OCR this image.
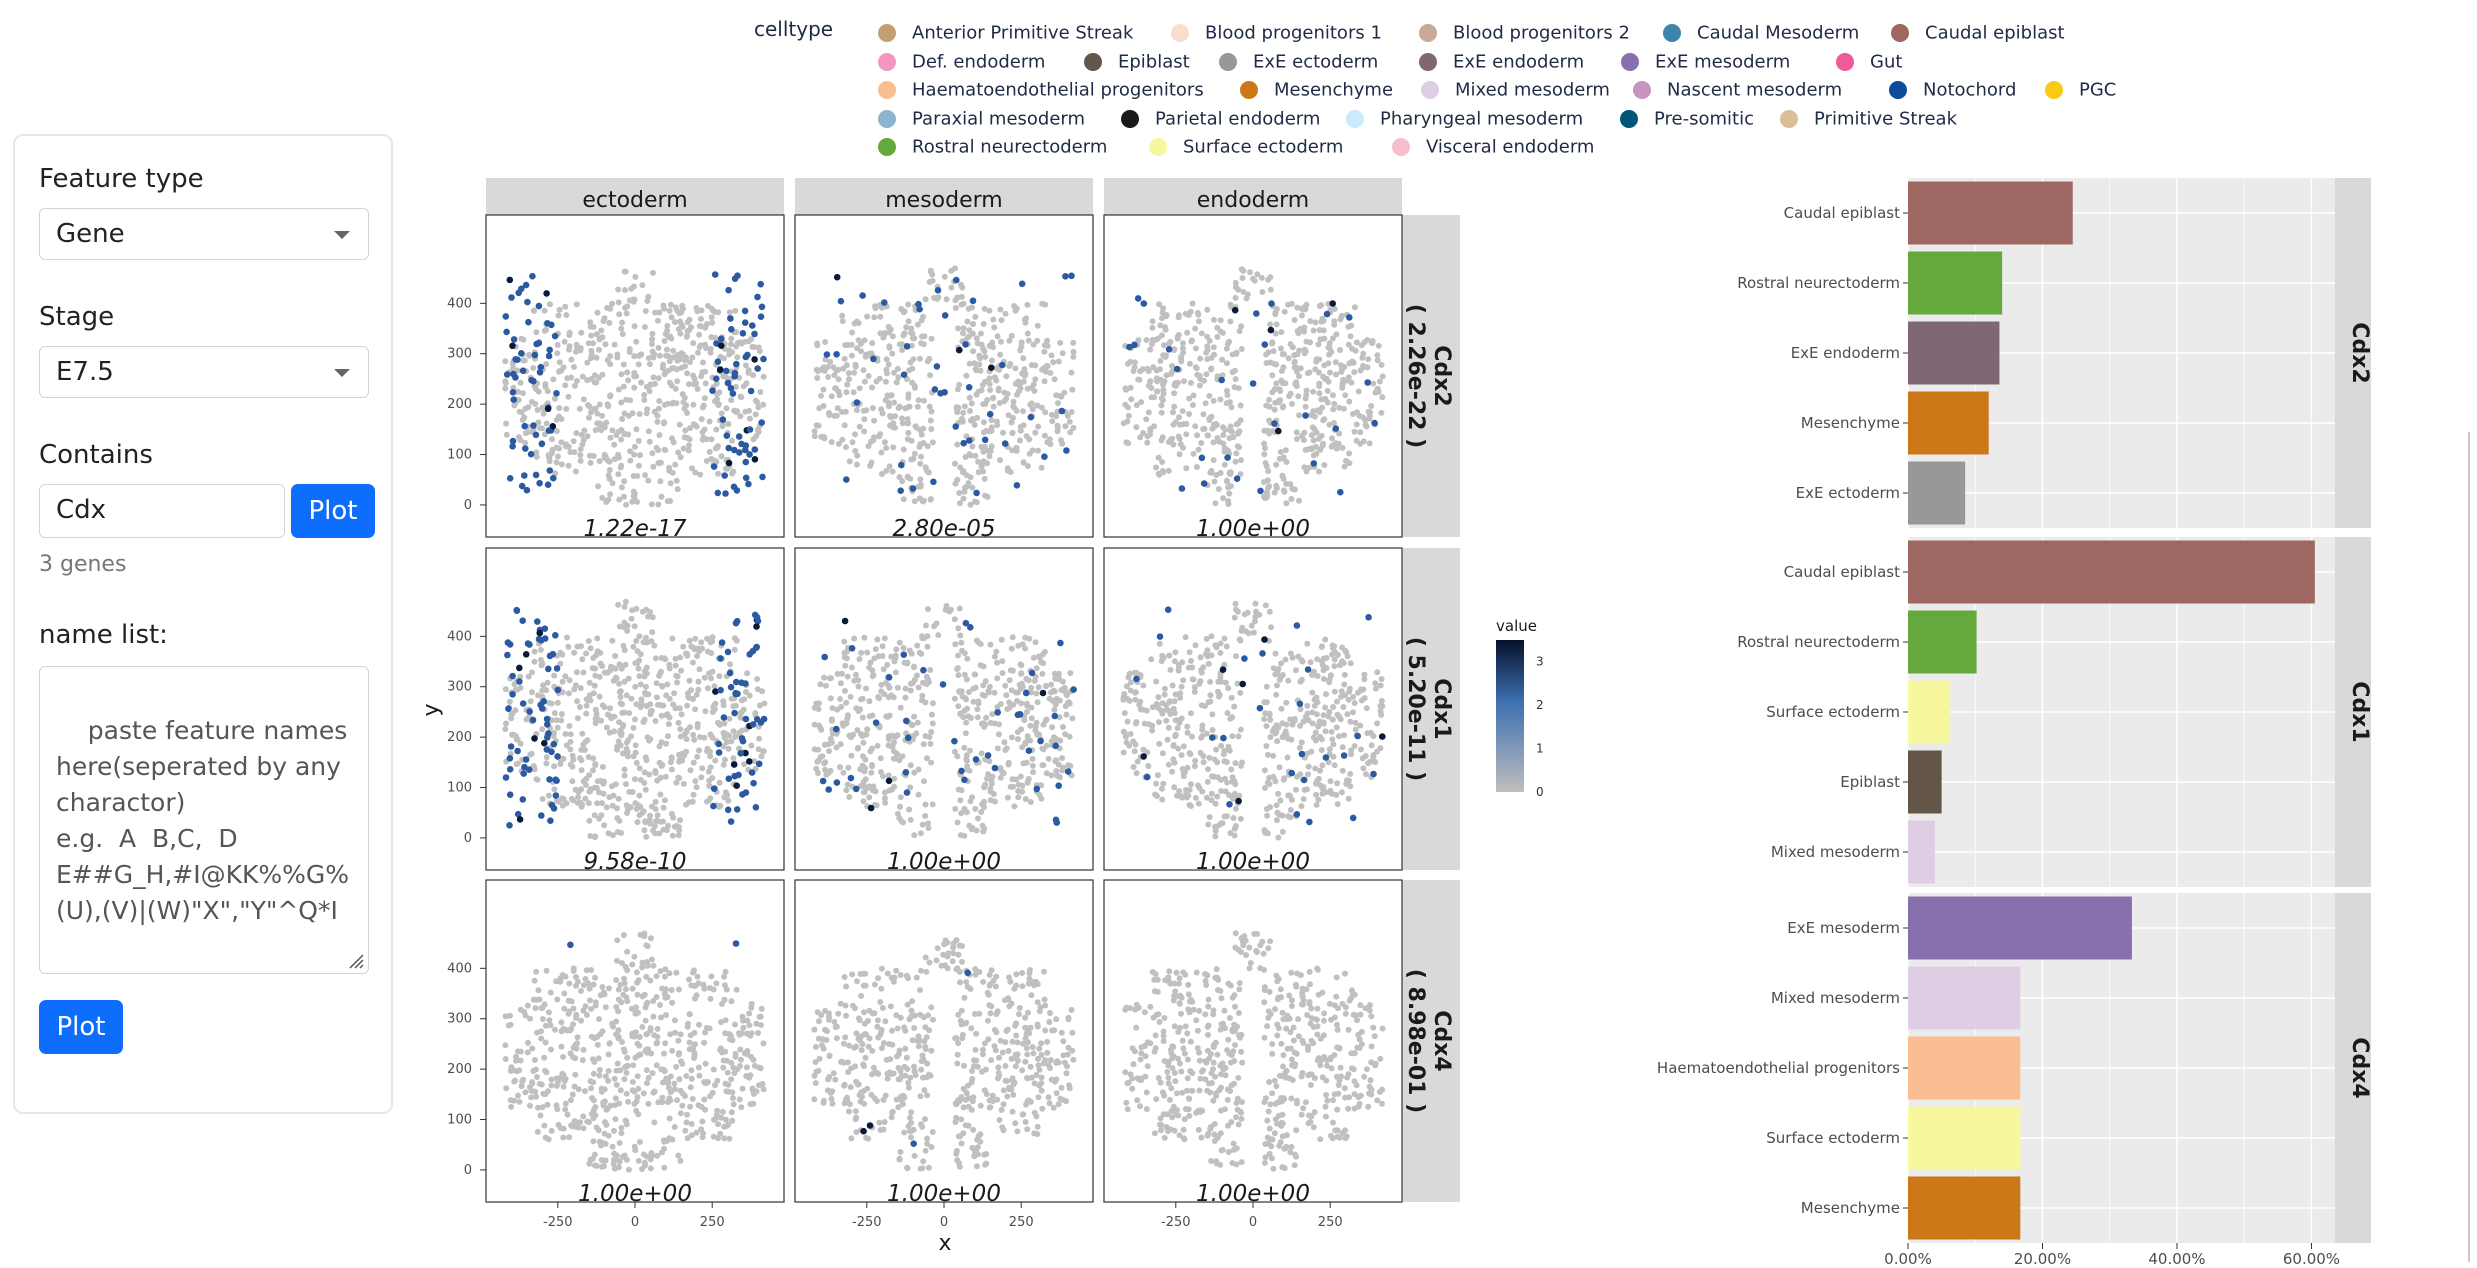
Feature type
Gene
Stage
E7.5
Contains
Cdx	Plot
3 genes
name list:

paste feature names here(seperated by any charactor)
e.g.  A  B,C,  D  E##G_H,#I@KK%%G%(U),(V)|(W)"X","Y"^Q*I

Plot
celltype	Anterior Primitive Streak	Blood progenitors 1	Blood progenitors 2	Caudal Mesoderm	Caudal epiblast
Def. endoderm	Epiblast	ExE ectoderm	ExE endoderm	ExE mesoderm	Gut
Haematoendothelial progenitors	Mesenchyme	Mixed mesoderm	Nascent mesoderm	Notochord	PGC
Paraxial mesoderm	Parietal endoderm	Pharyngeal mesoderm	Pre-somitic	Primitive Streak
Rostral neurectoderm	Surface ectoderm	Visceral endoderm
ectoderm	mesoderm	endoderm
Cdx2
( 2.26e-22 )
0
100
200
300
400
1.22e-17	2.80e-05	1.00e+00
Cdx1
( 5.20e-11 )
0
100
200
300
400
9.58e-10	1.00e+00	1.00e+00
Cdx4
( 8.98e-01 )
0
100
200
300
400
1.00e+00
-250	0	250
1.00e+00
-250	0	250
1.00e+00
-250	0	250
x
y
value
0
1
2
3
Caudal epiblast
Rostral neurectoderm
ExE endoderm
Mesenchyme
ExE ectoderm
Cdx2
Caudal epiblast
Rostral neurectoderm
Surface ectoderm
Epiblast
Mixed mesoderm
Cdx1
ExE mesoderm
Mixed mesoderm
Haematoendothelial progenitors
Surface ectoderm
Mesenchyme
Cdx4
0.00%	20.00%	40.00%	60.00%
